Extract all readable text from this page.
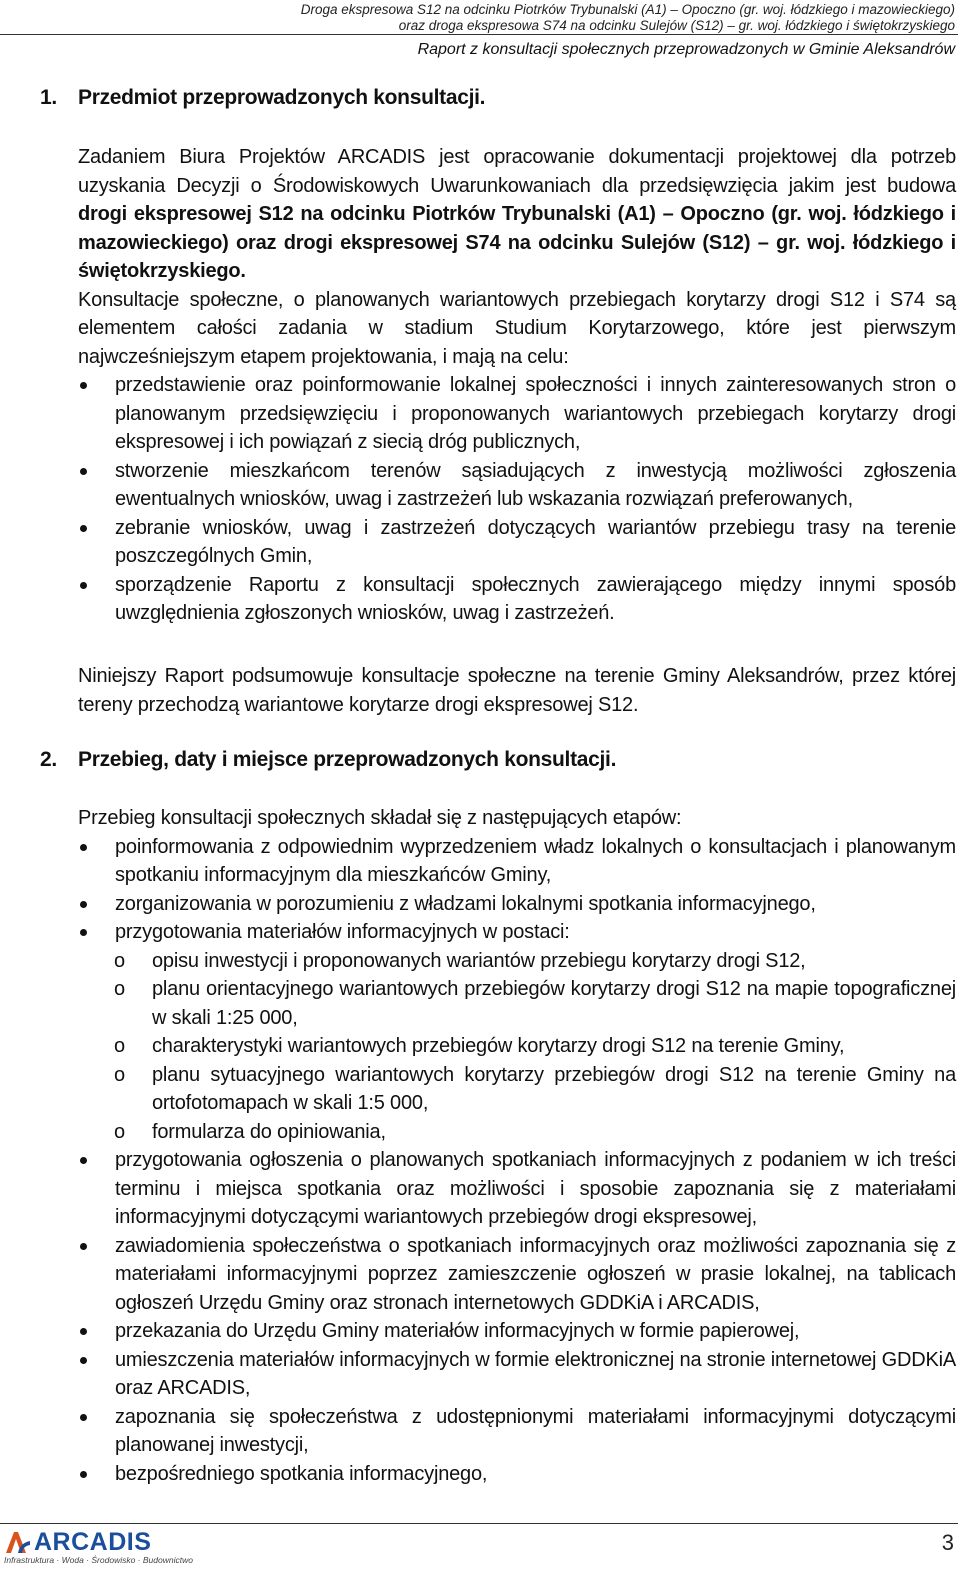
Droga ekspresowa S12 na odcinku Piotrków Trybunalski (A1) – Opoczno (gr. woj. łódzkiego i mazowieckiego)
oraz droga ekspresowa S74 na odcinku Sulejów (S12) – gr. woj. łódzkiego i świętokrzyskiego
Raport z konsultacji społecznych przeprowadzonych w Gminie Aleksandrów
1. Przedmiot przeprowadzonych konsultacji.

Zadaniem Biura Projektów ARCADIS jest opracowanie dokumentacji projektowej dla potrzeb uzyskania Decyzji o Środowiskowych Uwarunkowaniach dla przedsięwzięcia jakim jest budowa drogi ekspresowej S12 na odcinku Piotrków Trybunalski (A1) – Opoczno (gr. woj. łódzkiego i mazowieckiego) oraz drogi ekspresowej S74 na odcinku Sulejów (S12) – gr. woj. łódzkiego i świętokrzyskiego.

Konsultacje społeczne, o planowanych wariantowych przebiegach korytarzy drogi S12 i S74 są elementem całości zadania w stadium Studium Korytarzowego, które jest pierwszym najwcześniejszym etapem projektowania, i mają na celu:

przedstawienie oraz poinformowanie lokalnej społeczności i innych zainteresowanych stron o planowanym przedsięwzięciu i proponowanych wariantowych przebiegach korytarzy drogi ekspresowej i ich powiązań z siecią dróg publicznych,
stworzenie mieszkańcom terenów sąsiadujących z inwestycją możliwości zgłoszenia ewentualnych wniosków, uwag i zastrzeżeń lub wskazania rozwiązań preferowanych,
zebranie wniosków, uwag i zastrzeżeń dotyczących wariantów przebiegu trasy na terenie poszczególnych Gmin,
sporządzenie Raportu z konsultacji społecznych zawierającego między innymi sposób uwzględnienia zgłoszonych wniosków, uwag i zastrzeżeń.

Niniejszy Raport podsumowuje konsultacje społeczne na terenie Gminy Aleksandrów, przez której tereny przechodzą wariantowe korytarze drogi ekspresowej S12.

2. Przebieg, daty i miejsce przeprowadzonych konsultacji.

Przebieg konsultacji społecznych składał się z następujących etapów:

poinformowania z odpowiednim wyprzedzeniem władz lokalnych o konsultacjach i planowanym spotkaniu informacyjnym dla mieszkańców Gminy,
zorganizowania w porozumieniu z władzami lokalnymi spotkania informacyjnego,
przygotowania materiałów informacyjnych w postaci:
o opisu inwestycji i proponowanych wariantów przebiegu korytarzy drogi S12,
o planu orientacyjnego wariantowych przebiegów korytarzy drogi S12 na mapie topograficznej w skali 1:25 000,
o charakterystyki wariantowych przebiegów korytarzy drogi S12 na terenie Gminy,
o planu sytuacyjnego wariantowych korytarzy przebiegów drogi S12 na terenie Gminy na ortofotomapach w skali 1:5 000,
o formularza do opiniowania,
przygotowania ogłoszenia o planowanych spotkaniach informacyjnych z podaniem w ich treści terminu i miejsca spotkania oraz możliwości i sposobie zapoznania się z materiałami informacyjnymi dotyczącymi wariantowych przebiegów drogi ekspresowej,
zawiadomienia społeczeństwa o spotkaniach informacyjnych oraz możliwości zapoznania się z materiałami informacyjnymi poprzez zamieszczenie ogłoszeń w prasie lokalnej, na tablicach ogłoszeń Urzędu Gminy oraz stronach internetowych GDDKiA i ARCADIS,
przekazania do Urzędu Gminy materiałów informacyjnych w formie papierowej,
umieszczenia materiałów informacyjnych w formie elektronicznej na stronie internetowej GDDKiA oraz ARCADIS,
zapoznania się społeczeństwa z udostępnionymi materiałami informacyjnymi dotyczącymi planowanej inwestycji,
bezpośredniego spotkania informacyjnego,
ARCADIS
Infrastruktura · Woda · Środowisko · Budownictwo
3
